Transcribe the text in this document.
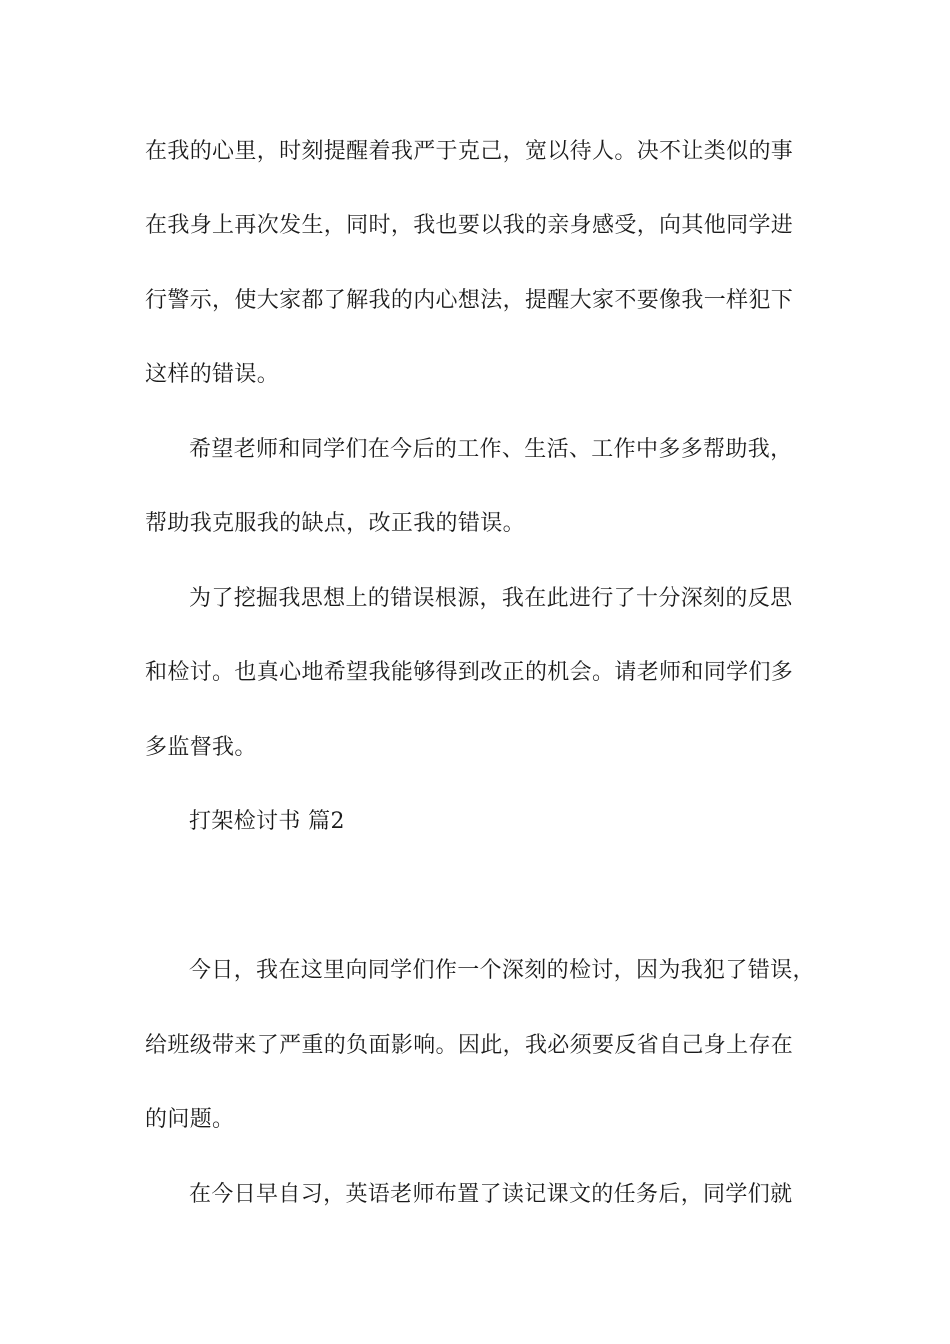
在我的心里，时刻提醒着我严于克己，宽以待人。决不让类似的事

在我身上再次发生，同时，我也要以我的亲身感受，向其他同学进

行警示，使大家都了解我的内心想法，提醒大家不要像我一样犯下

这样的错误。

希望老师和同学们在今后的工作、生活、工作中多多帮助我，

帮助我克服我的缺点，改正我的错误。

为了挖掘我思想上的错误根源，我在此进行了十分深刻的反思

和检讨。也真心地希望我能够得到改正的机会。请老师和同学们多

多监督我。

打架检讨书 篇2

今日，我在这里向同学们作一个深刻的检讨，因为我犯了错误，

给班级带来了严重的负面影响。因此，我必须要反省自己身上存在

的问题。

在今日早自习，英语老师布置了读记课文的任务后，同学们就
